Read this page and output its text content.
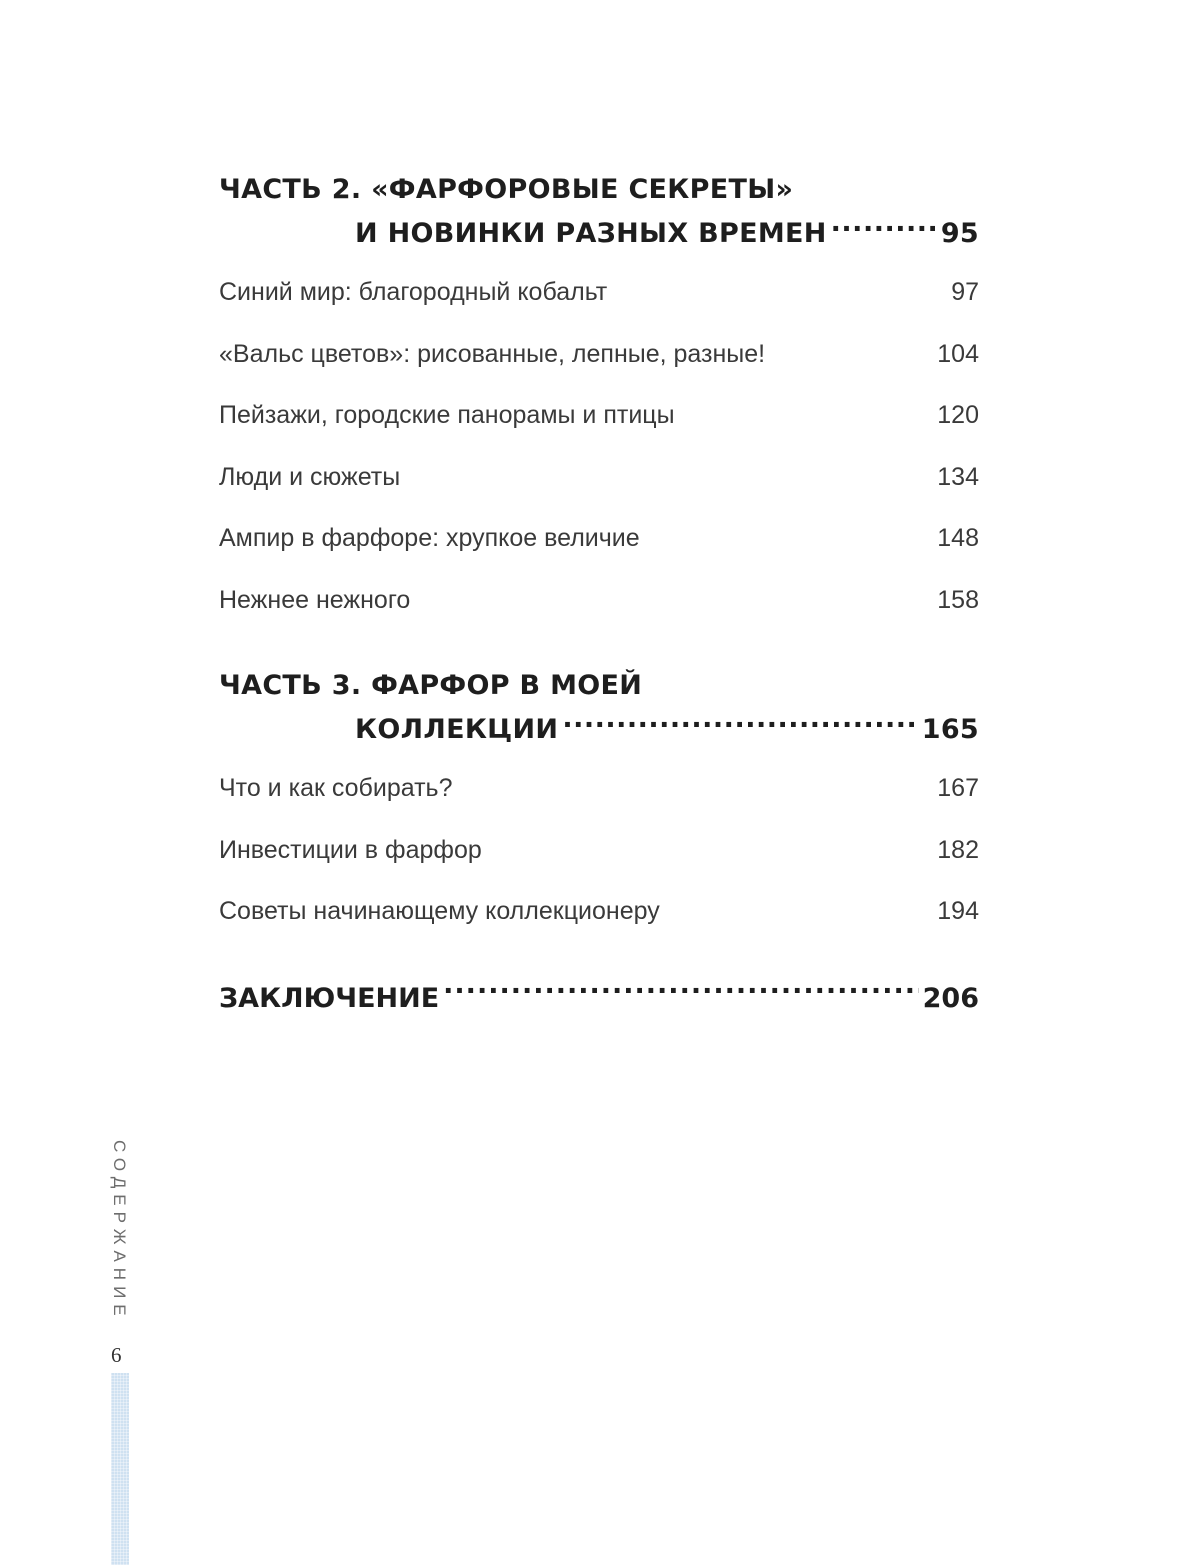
ЧАСТЬ 2. «ФАРФОРОВЫЕ СЕКРЕТЫ»
И НОВИНКИ РАЗНЫХ ВРЕМЕН .....	95
Синий мир: благородный кобальт .....	97
«Вальс цветов»: рисованные, лепные, разные! .....	104
Пейзажи, городские панорамы и птицы .....	120
Люди и сюжеты .....	134
Ампир в фарфоре: хрупкое величие .....	148
Нежнее нежного .....	158
ЧАСТЬ 3. ФАРФОР В МОЕЙ
КОЛЛЕКЦИИ .....	165
Что и как собирать? .....	167
Инвестиции в фарфор .....	182
Советы начинающему коллекционеру .....	194
ЗАКЛЮЧЕНИЕ .....	206
СОДЕРЖАНИЕ
6
